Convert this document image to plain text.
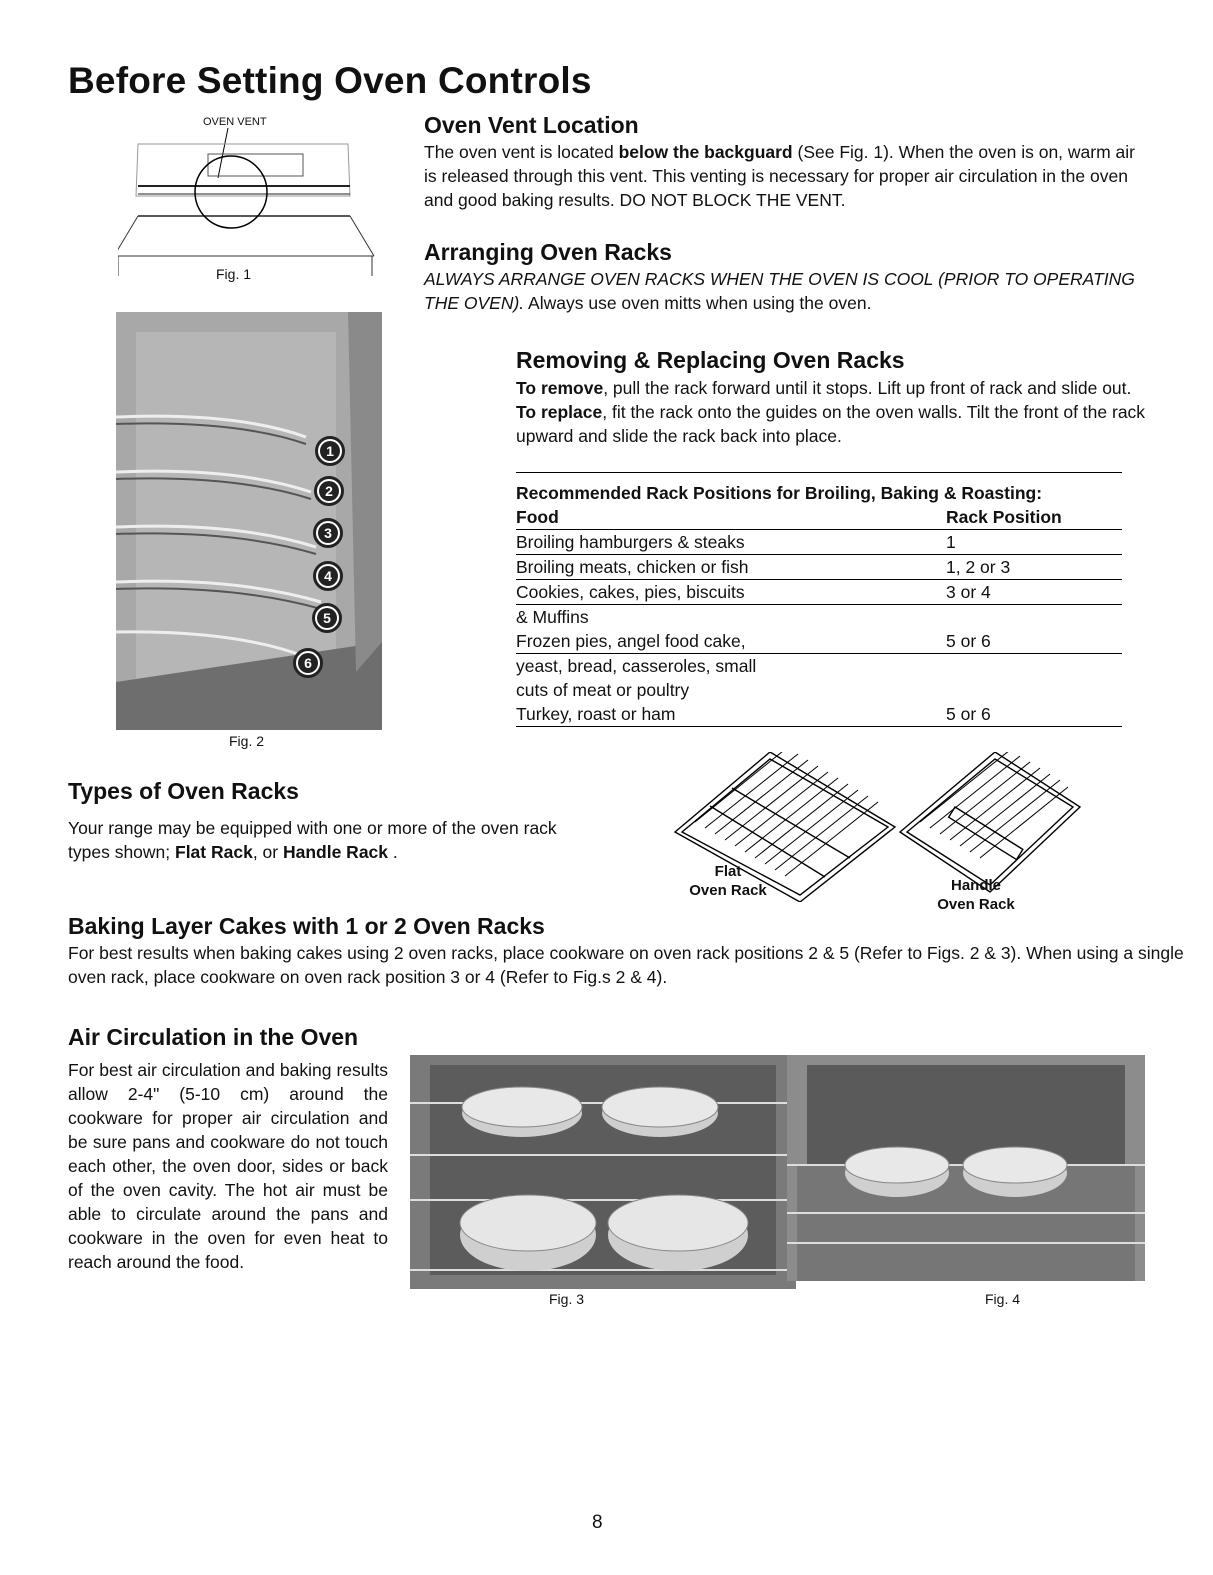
Before Setting Oven Controls
OVEN VENT
Fig. 1
1
2
3
4
5
6
Fig. 2
Oven Vent Location

The oven vent is located below the backguard (See Fig. 1). When the oven is on, warm air is released through this vent. This venting is necessary for proper air circulation in the oven and good baking results. DO NOT BLOCK THE VENT.

Arranging Oven Racks

ALWAYS ARRANGE OVEN RACKS WHEN THE OVEN IS COOL (PRIOR TO OPERATING THE OVEN). Always use oven mitts when using the oven.

Removing & Replacing Oven Racks

To remove, pull the rack forward until it stops. Lift up front of rack and slide out. To replace, fit the rack onto the guides on the oven walls. Tilt the front of the rack upward and slide the rack back into place.

Recommended Rack Positions for Broiling, Baking & Roasting:	
Food	Rack Position
Broiling hamburgers & steaks	1
Broiling meats, chicken or fish	1, 2 or 3
Cookies, cakes, pies, biscuits	3 or 4
& Muffins	
Frozen pies, angel food cake,	5 or 6
yeast, bread, casseroles, small	
cuts of meat or poultry	
Turkey, roast or ham	5 or 6
Types of Oven Racks

Your range may be equipped with one or more of the oven rack types shown; Flat Rack, or Handle Rack .

Flat
Oven Rack	Handle
Oven Rack
Baking Layer Cakes with 1 or 2 Oven Racks

For best results when baking cakes using 2 oven racks, place cookware on oven rack positions 2 & 5 (Refer to Figs. 2 & 3). When using a single oven rack, place cookware on oven rack position 3 or 4 (Refer to Fig.s 2 & 4).

Air Circulation in the Oven

For best air circulation and baking results allow 2-4" (5-10 cm) around the cookware for proper air circulation and be sure pans and cookware do not touch each other, the oven door, sides or back of the oven cavity. The hot air must be able to circulate around the pans and cookware in the oven for even heat to reach around the food.

Fig. 3	Fig. 4
8
